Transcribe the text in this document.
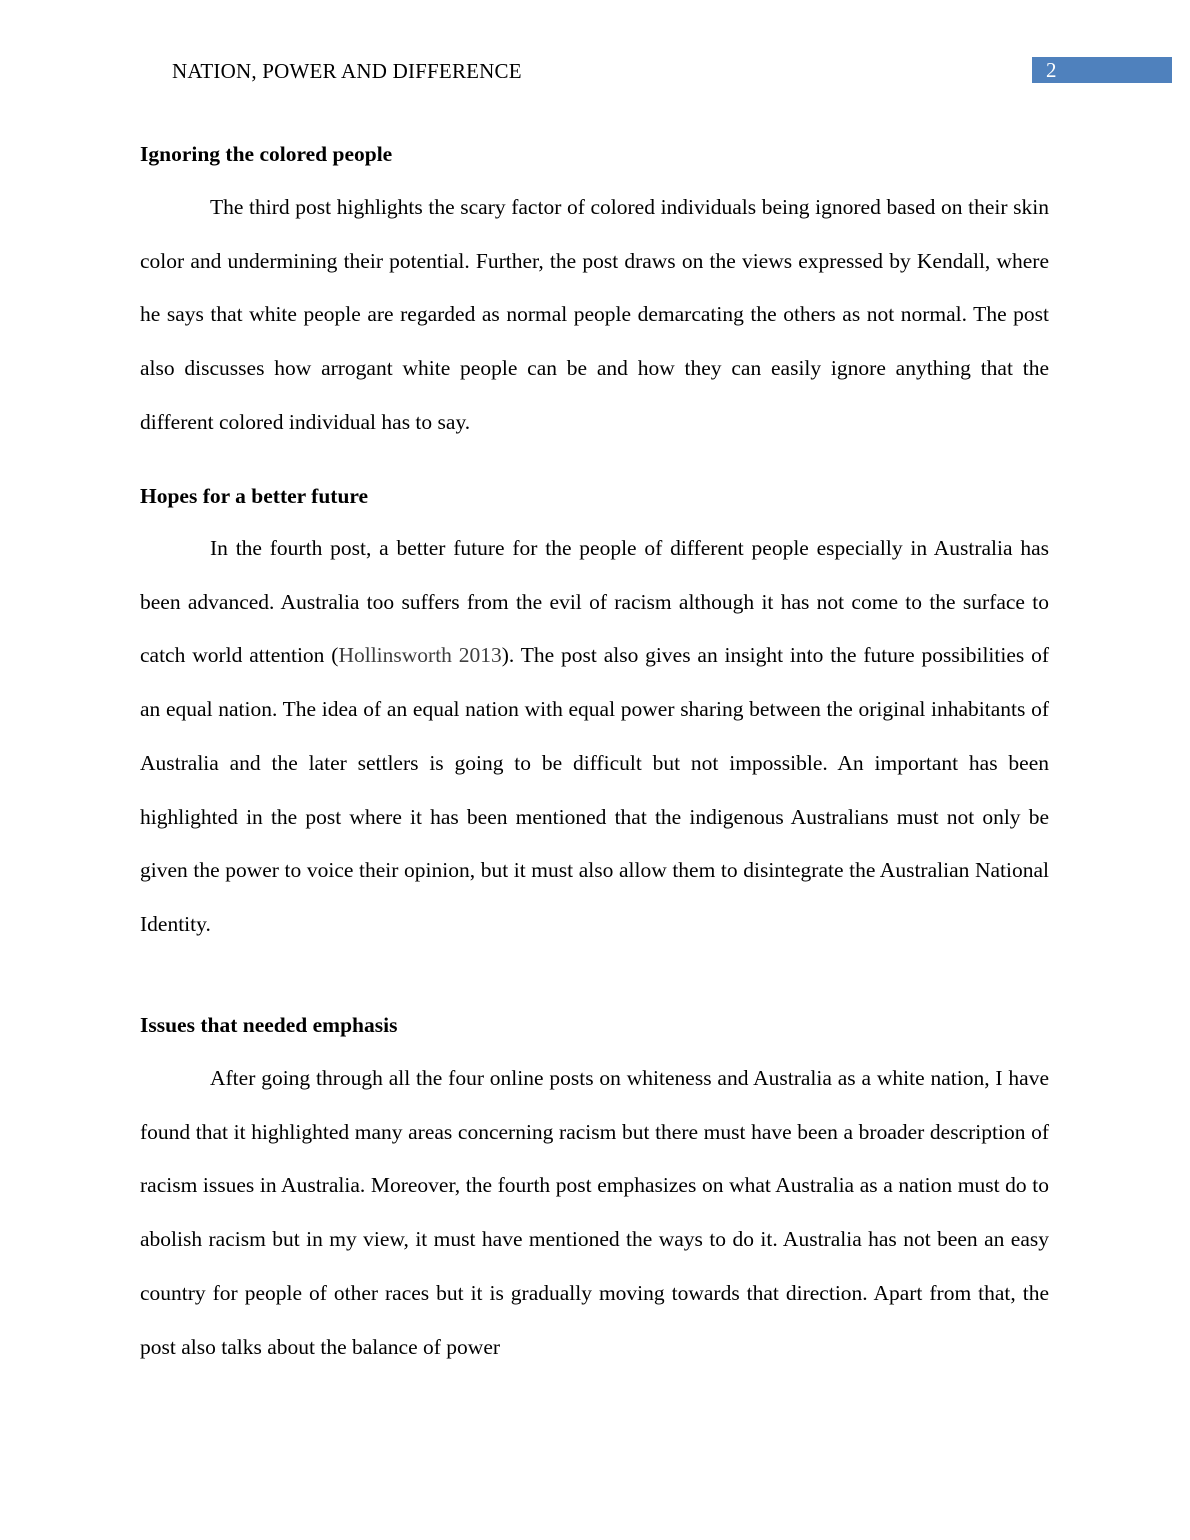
NATION, POWER AND DIFFERENCE	2
Ignoring the colored people

The third post highlights the scary factor of colored individuals being ignored based on their skin color and undermining their potential. Further, the post draws on the views expressed by Kendall, where he says that white people are regarded as normal people demarcating the others as not normal. The post also discusses how arrogant white people can be and how they can easily ignore anything that the different colored individual has to say.

Hopes for a better future

In the fourth post, a better future for the people of different people especially in Australia has been advanced. Australia too suffers from the evil of racism although it has not come to the surface to catch world attention (Hollinsworth 2013). The post also gives an insight into the future possibilities of an equal nation. The idea of an equal nation with equal power sharing between the original inhabitants of Australia and the later settlers is going to be difficult but not impossible. An important has been highlighted in the post where it has been mentioned that the indigenous Australians must not only be given the power to voice their opinion, but it must also allow them to disintegrate the Australian National Identity.

Issues that needed emphasis

After going through all the four online posts on whiteness and Australia as a white nation, I have found that it highlighted many areas concerning racism but there must have been a broader description of racism issues in Australia. Moreover, the fourth post emphasizes on what Australia as a nation must do to abolish racism but in my view, it must have mentioned the ways to do it. Australia has not been an easy country for people of other races but it is gradually moving towards that direction. Apart from that, the post also talks about the balance of power
